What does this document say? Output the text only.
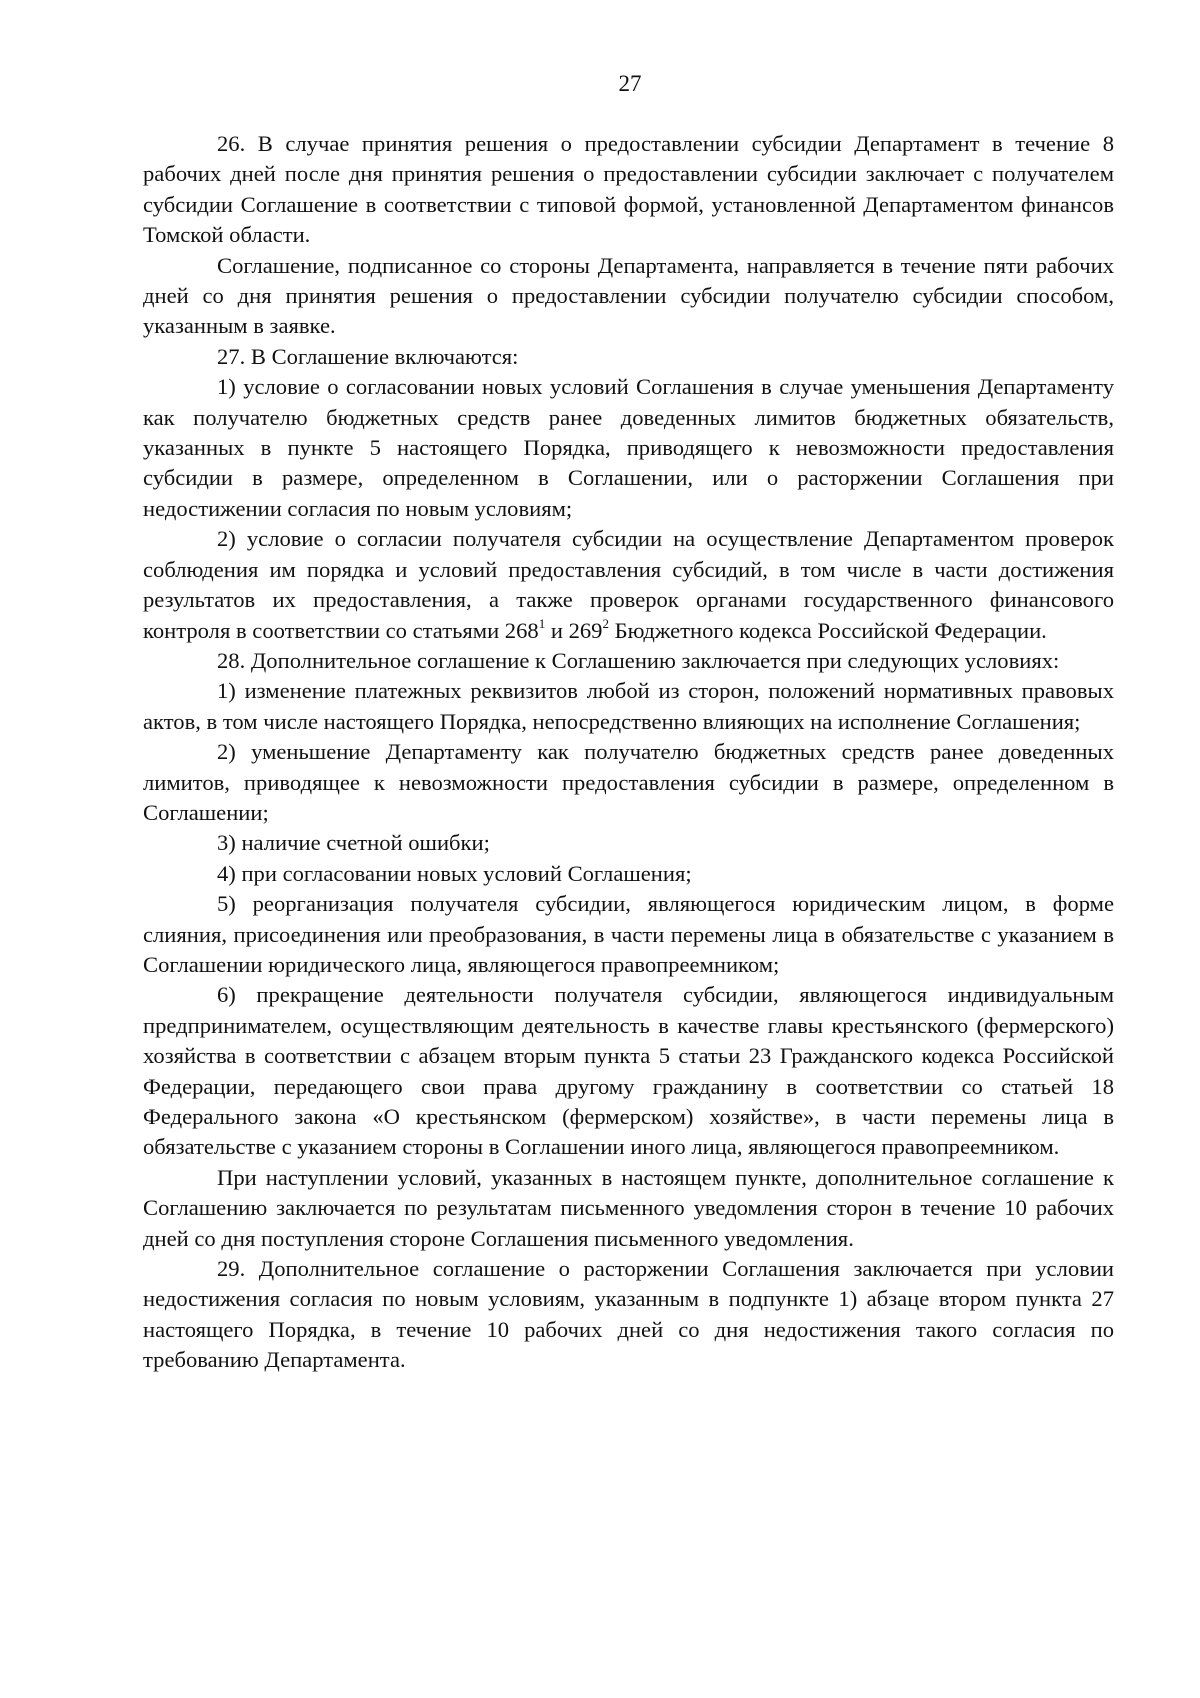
27

26. В случае принятия решения о предоставлении субсидии Департамент в течение 8 рабочих дней после дня принятия решения о предоставлении субсидии заключает с получателем субсидии Соглашение в соответствии с типовой формой, установленной Департаментом финансов Томской области.

Соглашение, подписанное со стороны Департамента, направляется в течение пяти рабочих дней со дня принятия решения о предоставлении субсидии получателю субсидии способом, указанным в заявке.

27. В Соглашение включаются:

1) условие о согласовании новых условий Соглашения в случае уменьшения Департаменту как получателю бюджетных средств ранее доведенных лимитов бюджетных обязательств, указанных в пункте 5 настоящего Порядка, приводящего к невозможности предоставления субсидии в размере, определенном в Соглашении, или о расторжении Соглашения при недостижении согласия по новым условиям;

2) условие о согласии получателя субсидии на осуществление Департаментом проверок соблюдения им порядка и условий предоставления субсидий, в том числе в части достижения результатов их предоставления, а также проверок органами государственного финансового контроля в соответствии со статьями $268^1$ и $269^2$ Бюджетного кодекса Российской Федерации.

28. Дополнительное соглашение к Соглашению заключается при следующих условиях:

1) изменение платежных реквизитов любой из сторон, положений нормативных правовых актов, в том числе настоящего Порядка, непосредственно влияющих на исполнение Соглашения;

2) уменьшение Департаменту как получателю бюджетных средств ранее доведенных лимитов, приводящее к невозможности предоставления субсидии в размере, определенном в Соглашении;

3) наличие счетной ошибки;

4) при согласовании новых условий Соглашения;

5) реорганизация получателя субсидии, являющегося юридическим лицом, в форме слияния, присоединения или преобразования, в части перемены лица в обязательстве с указанием в Соглашении юридического лица, являющегося правопреемником;

6) прекращение деятельности получателя субсидии, являющегося индивидуальным предпринимателем, осуществляющим деятельность в качестве главы крестьянского (фермерского) хозяйства в соответствии с абзацем вторым пункта 5 статьи 23 Гражданского кодекса Российской Федерации, передающего свои права другому гражданину в соответствии со статьей 18 Федерального закона «О крестьянском (фермерском) хозяйстве», в части перемены лица в обязательстве с указанием стороны в Соглашении иного лица, являющегося правопреемником.

При наступлении условий, указанных в настоящем пункте, дополнительное соглашение к Соглашению заключается по результатам письменного уведомления сторон в течение 10 рабочих дней со дня поступления стороне Соглашения письменного уведомления.

29. Дополнительное соглашение о расторжении Соглашения заключается при условии недостижения согласия по новым условиям, указанным в подпункте 1) абзаце втором пункта 27 настоящего Порядка, в течение 10 рабочих дней со дня недостижения такого согласия по требованию Департамента.
